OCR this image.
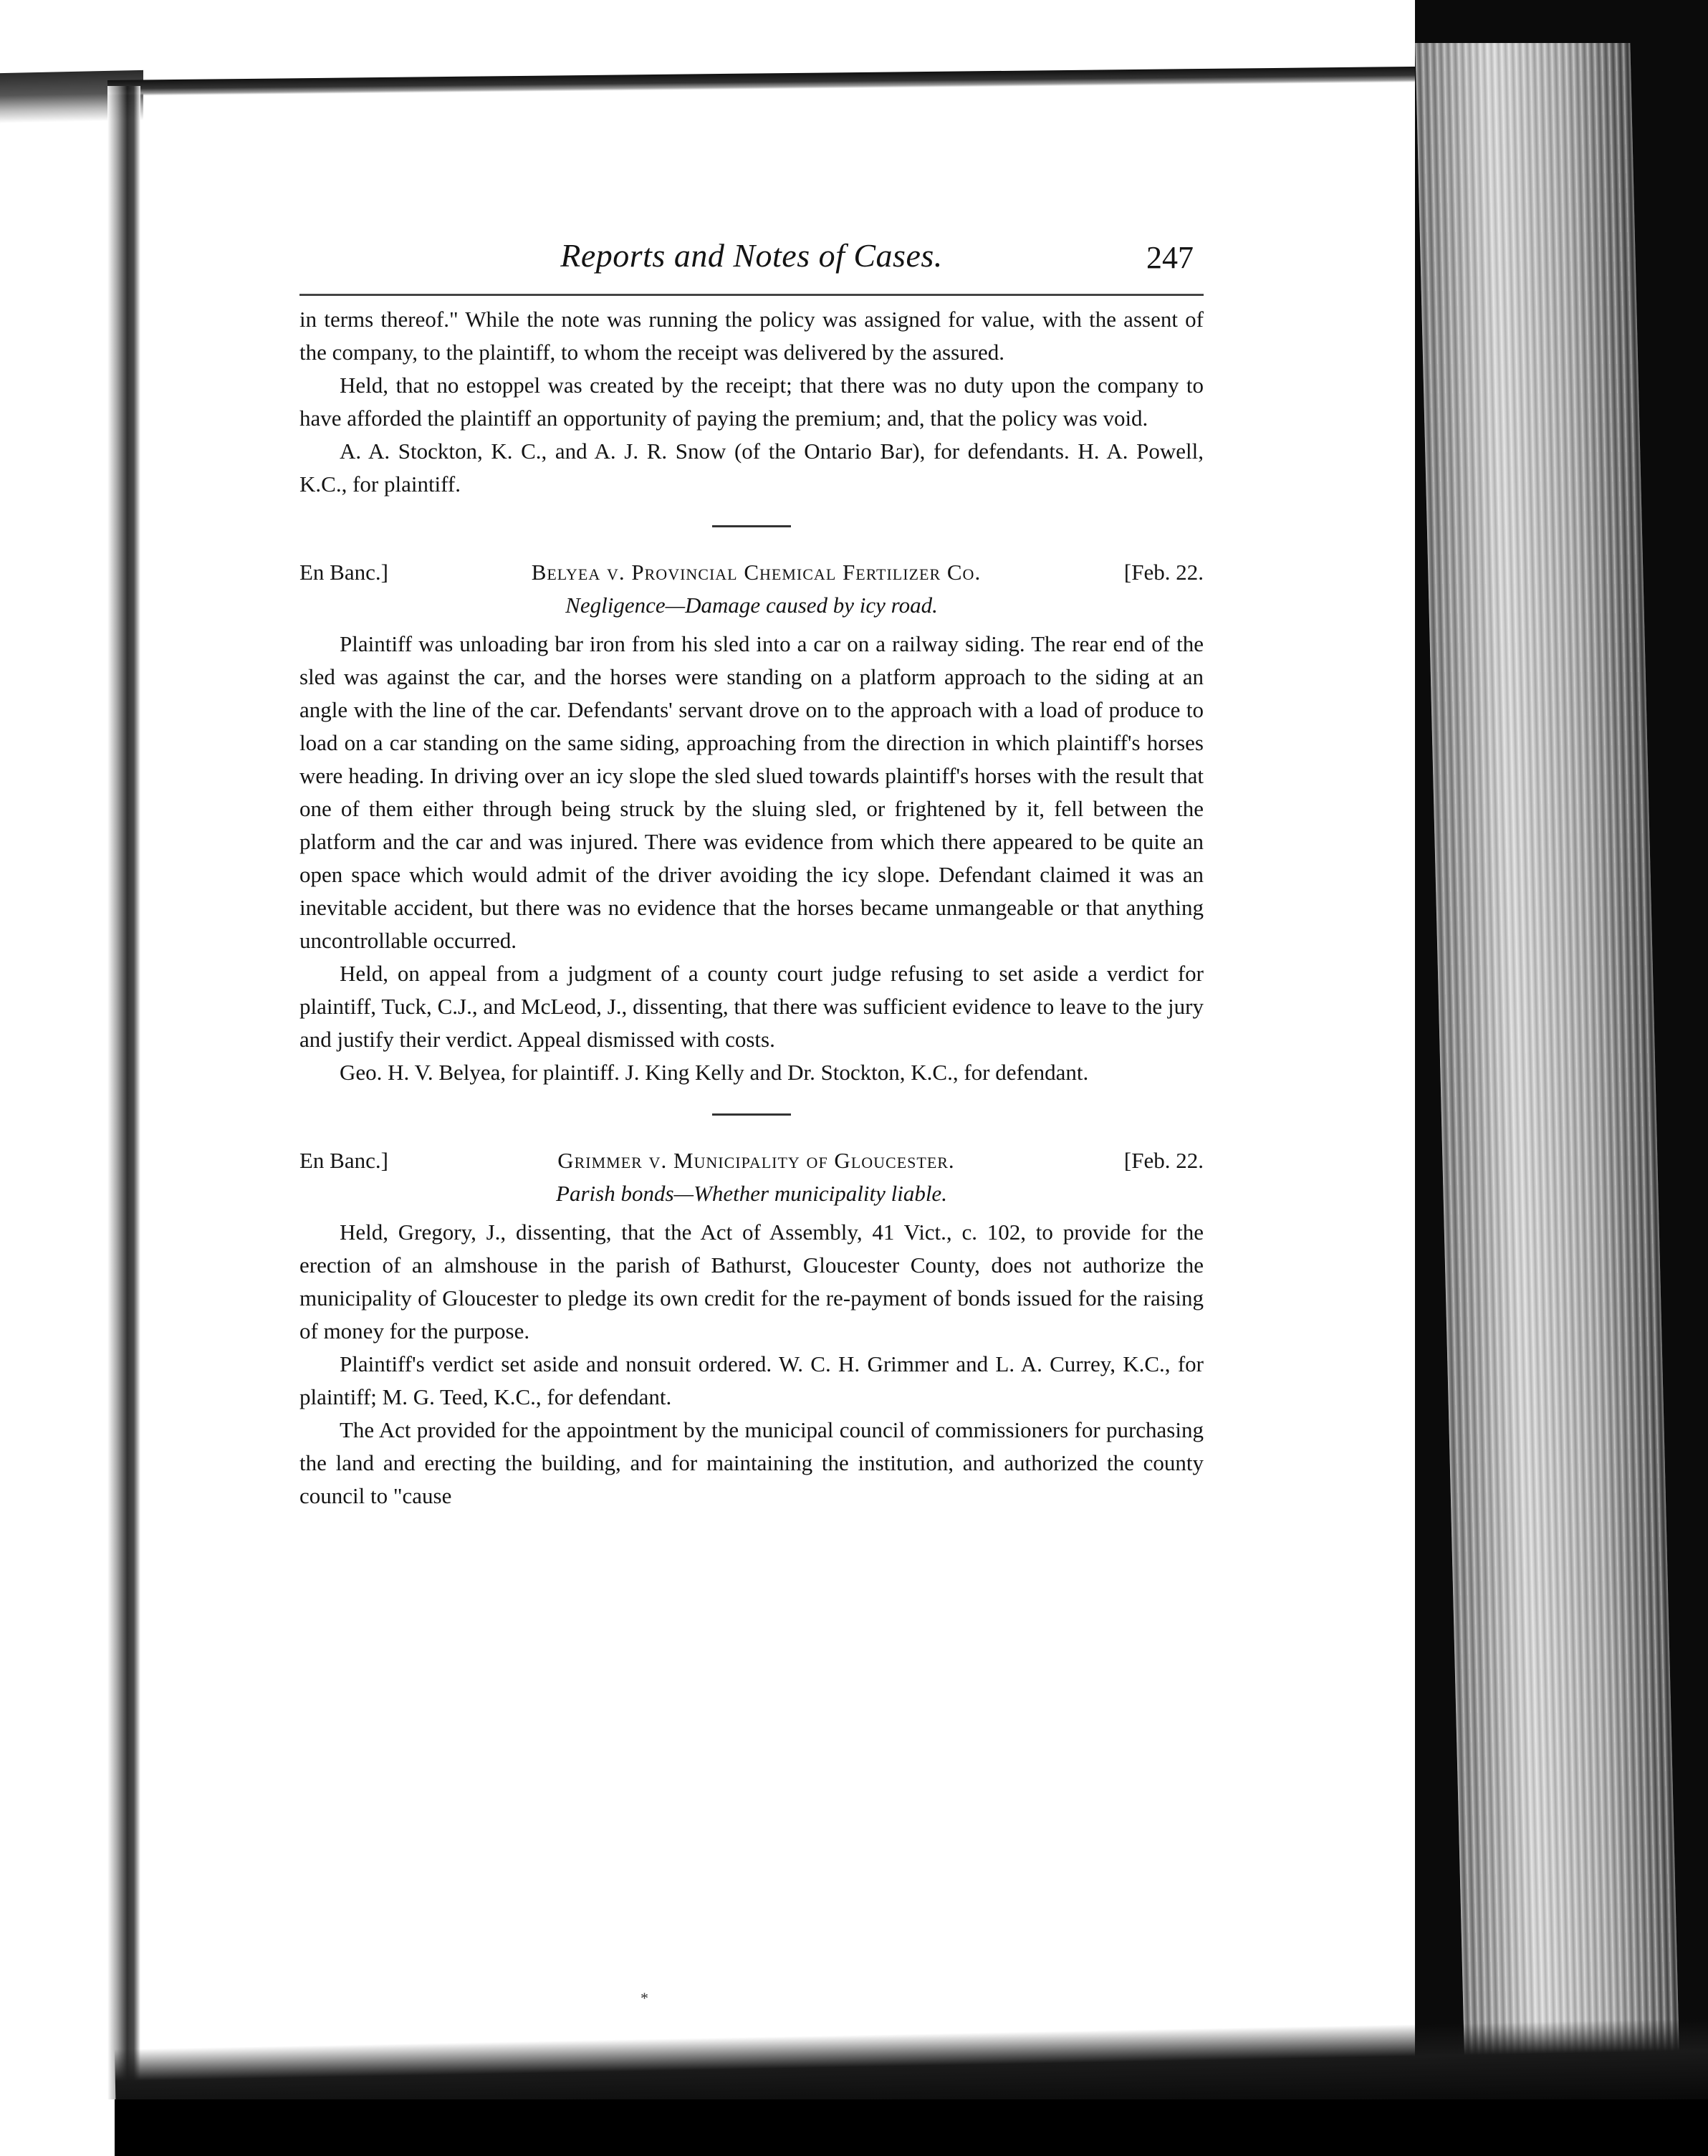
Reports and Notes of Cases.	247

in terms thereof." While the note was running the policy was assigned for value, with the assent of the company, to the plaintiff, to whom the receipt was delivered by the assured.

Held, that no estoppel was created by the receipt; that there was no duty upon the company to have afforded the plaintiff an opportunity of paying the premium; and, that the policy was void.

A. A. Stockton, K. C., and A. J. R. Snow (of the Ontario Bar), for defendants. H. A. Powell, K.C., for plaintiff.

En Banc.]	Belyea v. Provincial Chemical Fertilizer Co.	[Feb. 22.
Negligence—Damage caused by icy road.

Plaintiff was unloading bar iron from his sled into a car on a railway siding. The rear end of the sled was against the car, and the horses were standing on a platform approach to the siding at an angle with the line of the car. Defendants' servant drove on to the approach with a load of produce to load on a car standing on the same siding, approaching from the direction in which plaintiff's horses were heading. In driving over an icy slope the sled slued towards plaintiff's horses with the result that one of them either through being struck by the sluing sled, or frightened by it, fell between the platform and the car and was injured. There was evidence from which there appeared to be quite an open space which would admit of the driver avoiding the icy slope. Defendant claimed it was an inevitable accident, but there was no evidence that the horses became unmangeable or that anything uncontrollable occurred.

Held, on appeal from a judgment of a county court judge refusing to set aside a verdict for plaintiff, Tuck, C.J., and McLeod, J., dissenting, that there was sufficient evidence to leave to the jury and justify their verdict. Appeal dismissed with costs.

Geo. H. V. Belyea, for plaintiff. J. King Kelly and Dr. Stockton, K.C., for defendant.

En Banc.]	Grimmer v. Municipality of Gloucester.	[Feb. 22.
Parish bonds—Whether municipality liable.

Held, Gregory, J., dissenting, that the Act of Assembly, 41 Vict., c. 102, to provide for the erection of an almshouse in the parish of Bathurst, Gloucester County, does not authorize the municipality of Gloucester to pledge its own credit for the re-payment of bonds issued for the raising of money for the purpose.

Plaintiff's verdict set aside and nonsuit ordered. W. C. H. Grimmer and L. A. Currey, K.C., for plaintiff; M. G. Teed, K.C., for defendant.

The Act provided for the appointment by the municipal council of commissioners for purchasing the land and erecting the building, and for maintaining the institution, and authorized the county council to "cause

*
